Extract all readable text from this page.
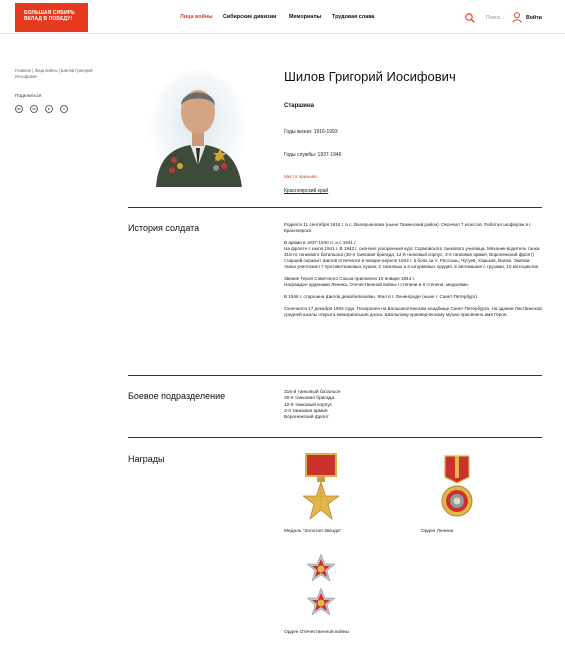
БОЛЬШАЯ СИБИРЬ
ВКЛАД В ПОБЕДУ!	Лица войны Сибирские дивизии Мемориалы Трудовая слава	Поиск...	Войти
Главная | Лица войны | Шилов Григорий Иосифович
Поделиться
вк	ок	➤	∞
Шилов Григорий Иосифович
Старшина
Годы жизни: 1916-1993
Годы службы: 1937-1946
Место призыва:
Красноярский край
История солдата	Родился 11 сентября 1916 г. в с. Валерьяновка (ныне Тюменский район). Окончил 7 классов. Работал шофером в г. Красноярске.

В армии в 1937-1940 гг. и с 1941 г.

На фронте с июля 1941 г. В 1942 г. окончил ускоренный курс Сормовского танкового училища. Механик-водитель танка 316-го танкового батальона (30-я танковая бригада, 12-й танковый корпус, 3-я танковая армия, Воронежский фронт) старший сержант Шилов отличился в январе-апреле 1943 г. в боях за гг. Россошь, Чугуев, Харьков, Валки. Экипаж танка уничтожил 7 противотанковых пушек, 2 танковых и 3 штурмовых орудия, 5 автомашин с грузами, 10 мотоциклов.

Звание Героя Советского Союза присвоено 10 января 1944 г.

Награжден орденами Ленина, Отечественной войны I степени и II степени, медалями.

В 1946 г. старшина Шилов демобилизован. Жил в г. Ленинграде (ныне г. Санкт-Петербург).

Скончался 17 декабря 1993 года. Похоронен на Большеохтинском кладбище Санкт-Петербурга. На здании Листвинской средней школы открыта мемориальная доска. Школьному краеведческому музею присвоено имя Героя.

Боевое подразделение	316-й танковый батальон
30-я танковая бригада
12-й танковый корпус
3-я танковая армия
Воронежский фронт
Награды
Медаль "Золотая Звезда"	Орден Ленина
Орден Отечественной войны
